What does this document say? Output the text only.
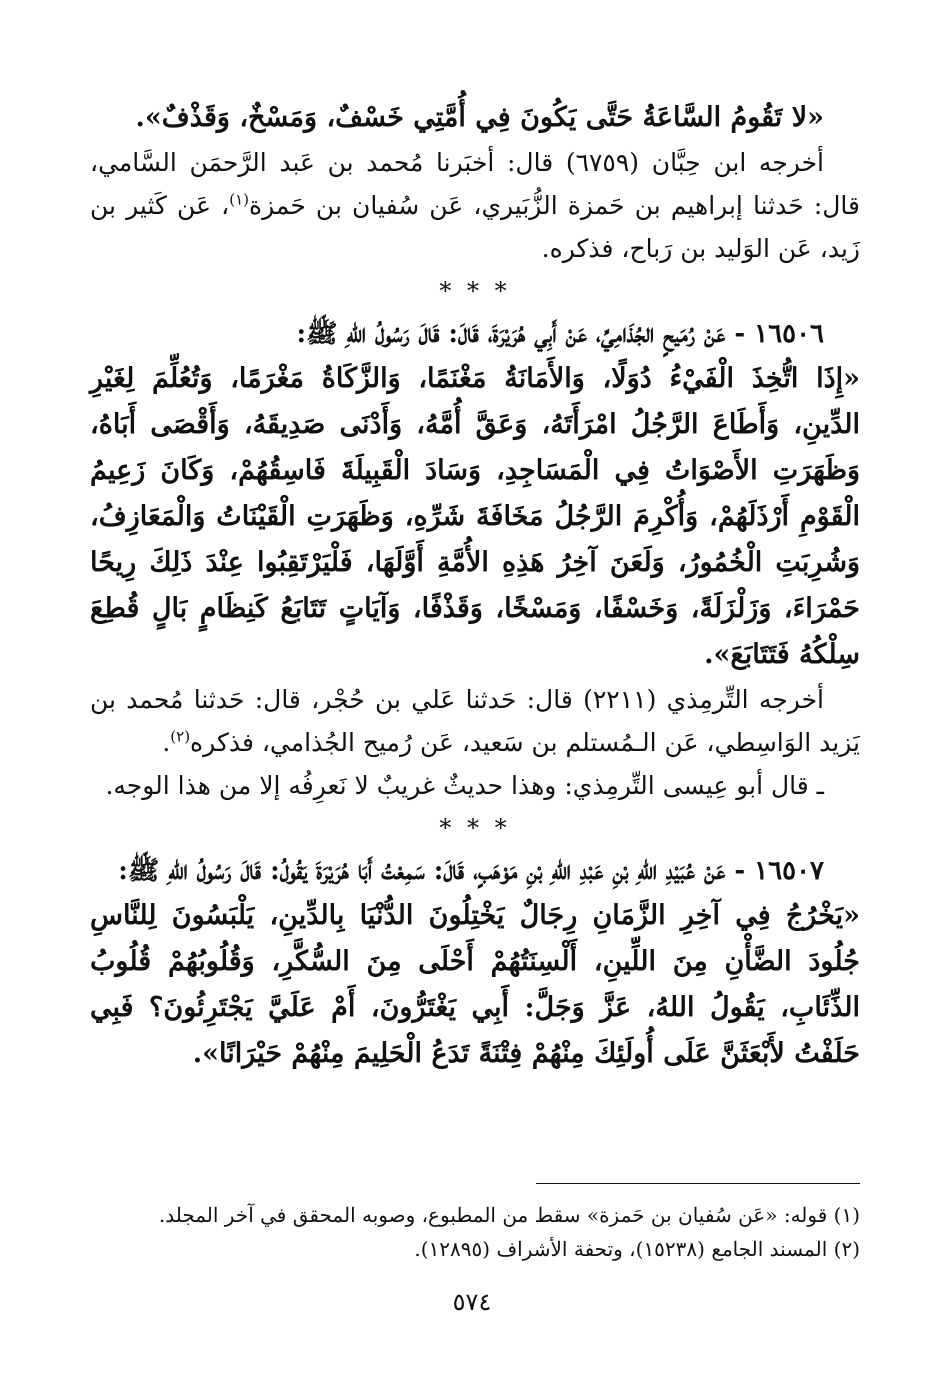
«لا تَقُومُ السَّاعَةُ حَتَّى يَكُونَ فِي أُمَّتِي خَسْفٌ، وَمَسْخٌ، وَقَذْفٌ».

أخرجه ابن حِبَّان (٦٧٥٩) قال: أخبَرنا مُحمد بن عَبد الرَّحمَن السَّامي، قال: حَدثنا إبراهيم بن حَمزة الزُّبَيري، عَن سُفيان بن حَمزة$^{(١)}$، عَن كَثير بن زَيد، عَن الوَليد بن رَباح، فذكره.

* * *

١٦٥٠٦ - عَنْ رُمَيحٍ الجُذَامِيِّ، عَنْ أَبِي هُرَيْرَةَ، قَالَ: قَالَ رَسُولُ اللهِ ﷺ:

«إِذَا اتُّخِذَ الْفَيْءُ دُوَلًا، وَالأَمَانَةُ مَغْنَمًا، وَالزَّكَاةُ مَغْرَمًا، وَتُعُلِّمَ لِغَيْرِ الدِّينِ، وَأَطَاعَ الرَّجُلُ امْرَأَتَهُ، وَعَقَّ أُمَّهُ، وَأَدْنَى صَدِيقَهُ، وَأَقْصَى أَبَاهُ، وَظَهَرَتِ الأَصْوَاتُ فِي الْمَسَاجِدِ، وَسَادَ الْقَبِيلَةَ فَاسِقُهُمْ، وَكَانَ زَعِيمُ الْقَوْمِ أَرْذَلَهُمْ، وَأُكْرِمَ الرَّجُلُ مَخَافَةَ شَرِّهِ، وَظَهَرَتِ الْقَيْنَاتُ وَالْمَعَازِفُ، وَشُرِبَتِ الْخُمُورُ، وَلَعَنَ آخِرُ هَذِهِ الأُمَّةِ أَوَّلَهَا، فَلْيَرْتَقِبُوا عِنْدَ ذَلِكَ رِيحًا حَمْرَاءَ، وَزَلْزَلَةً، وَخَسْفًا، وَمَسْخًا، وَقَذْفًا، وَآيَاتٍ تَتَابَعُ كَنِظَامٍ بَالٍ قُطِعَ سِلْكُهُ فَتَتَابَعَ».

أخرجه التِّرمِذي (٢٢١١) قال: حَدثنا عَلي بن حُجْر، قال: حَدثنا مُحمد بن يَزيد الوَاسِطي، عَن الـمُستلم بن سَعيد، عَن رُميح الجُذامي، فذكره$^{(٢)}$.

ـ قال أبو عِيسى التِّرمِذي: وهذا حديثٌ غريبٌ لا نَعرِفُه إلا من هذا الوجه.

* * *

١٦٥٠٧ - عَنْ عُبَيْدِ اللهِ بْنِ عَبْدِ اللهِ بْنِ مَوْهَبٍ، قَالَ: سَمِعْتُ أَبَا هُرَيْرَةَ يَقُولُ: قَالَ رَسُولُ اللهِ ﷺ:

«يَخْرُجُ فِي آخِرِ الزَّمَانِ رِجَالٌ يَخْتِلُونَ الدُّنْيَا بِالدِّينِ، يَلْبَسُونَ لِلنَّاسِ جُلُودَ الضَّأْنِ مِنَ اللِّينِ، أَلْسِنَتُهُمْ أَحْلَى مِنَ السُّكَّرِ، وَقُلُوبُهُمْ قُلُوبُ الذِّئَابِ، يَقُولُ اللهُ، عَزَّ وَجَلَّ: أَبِي يَغْتَرُّونَ، أَمْ عَلَيَّ يَجْتَرِئُونَ؟ فَبِي حَلَفْتُ لأَبْعَثَنَّ عَلَى أُولَئِكَ مِنْهُمْ فِتْنَةً تَدَعُ الْحَلِيمَ مِنْهُمْ حَيْرَانًا».

(١) قوله: «عَن سُفيان بن حَمزة» سقط من المطبوع، وصوبه المحقق في آخر المجلد.

(٢) المسند الجامع (١٥٢٣٨)، وتحفة الأشراف (١٢٨٩٥).

٥٧٤
